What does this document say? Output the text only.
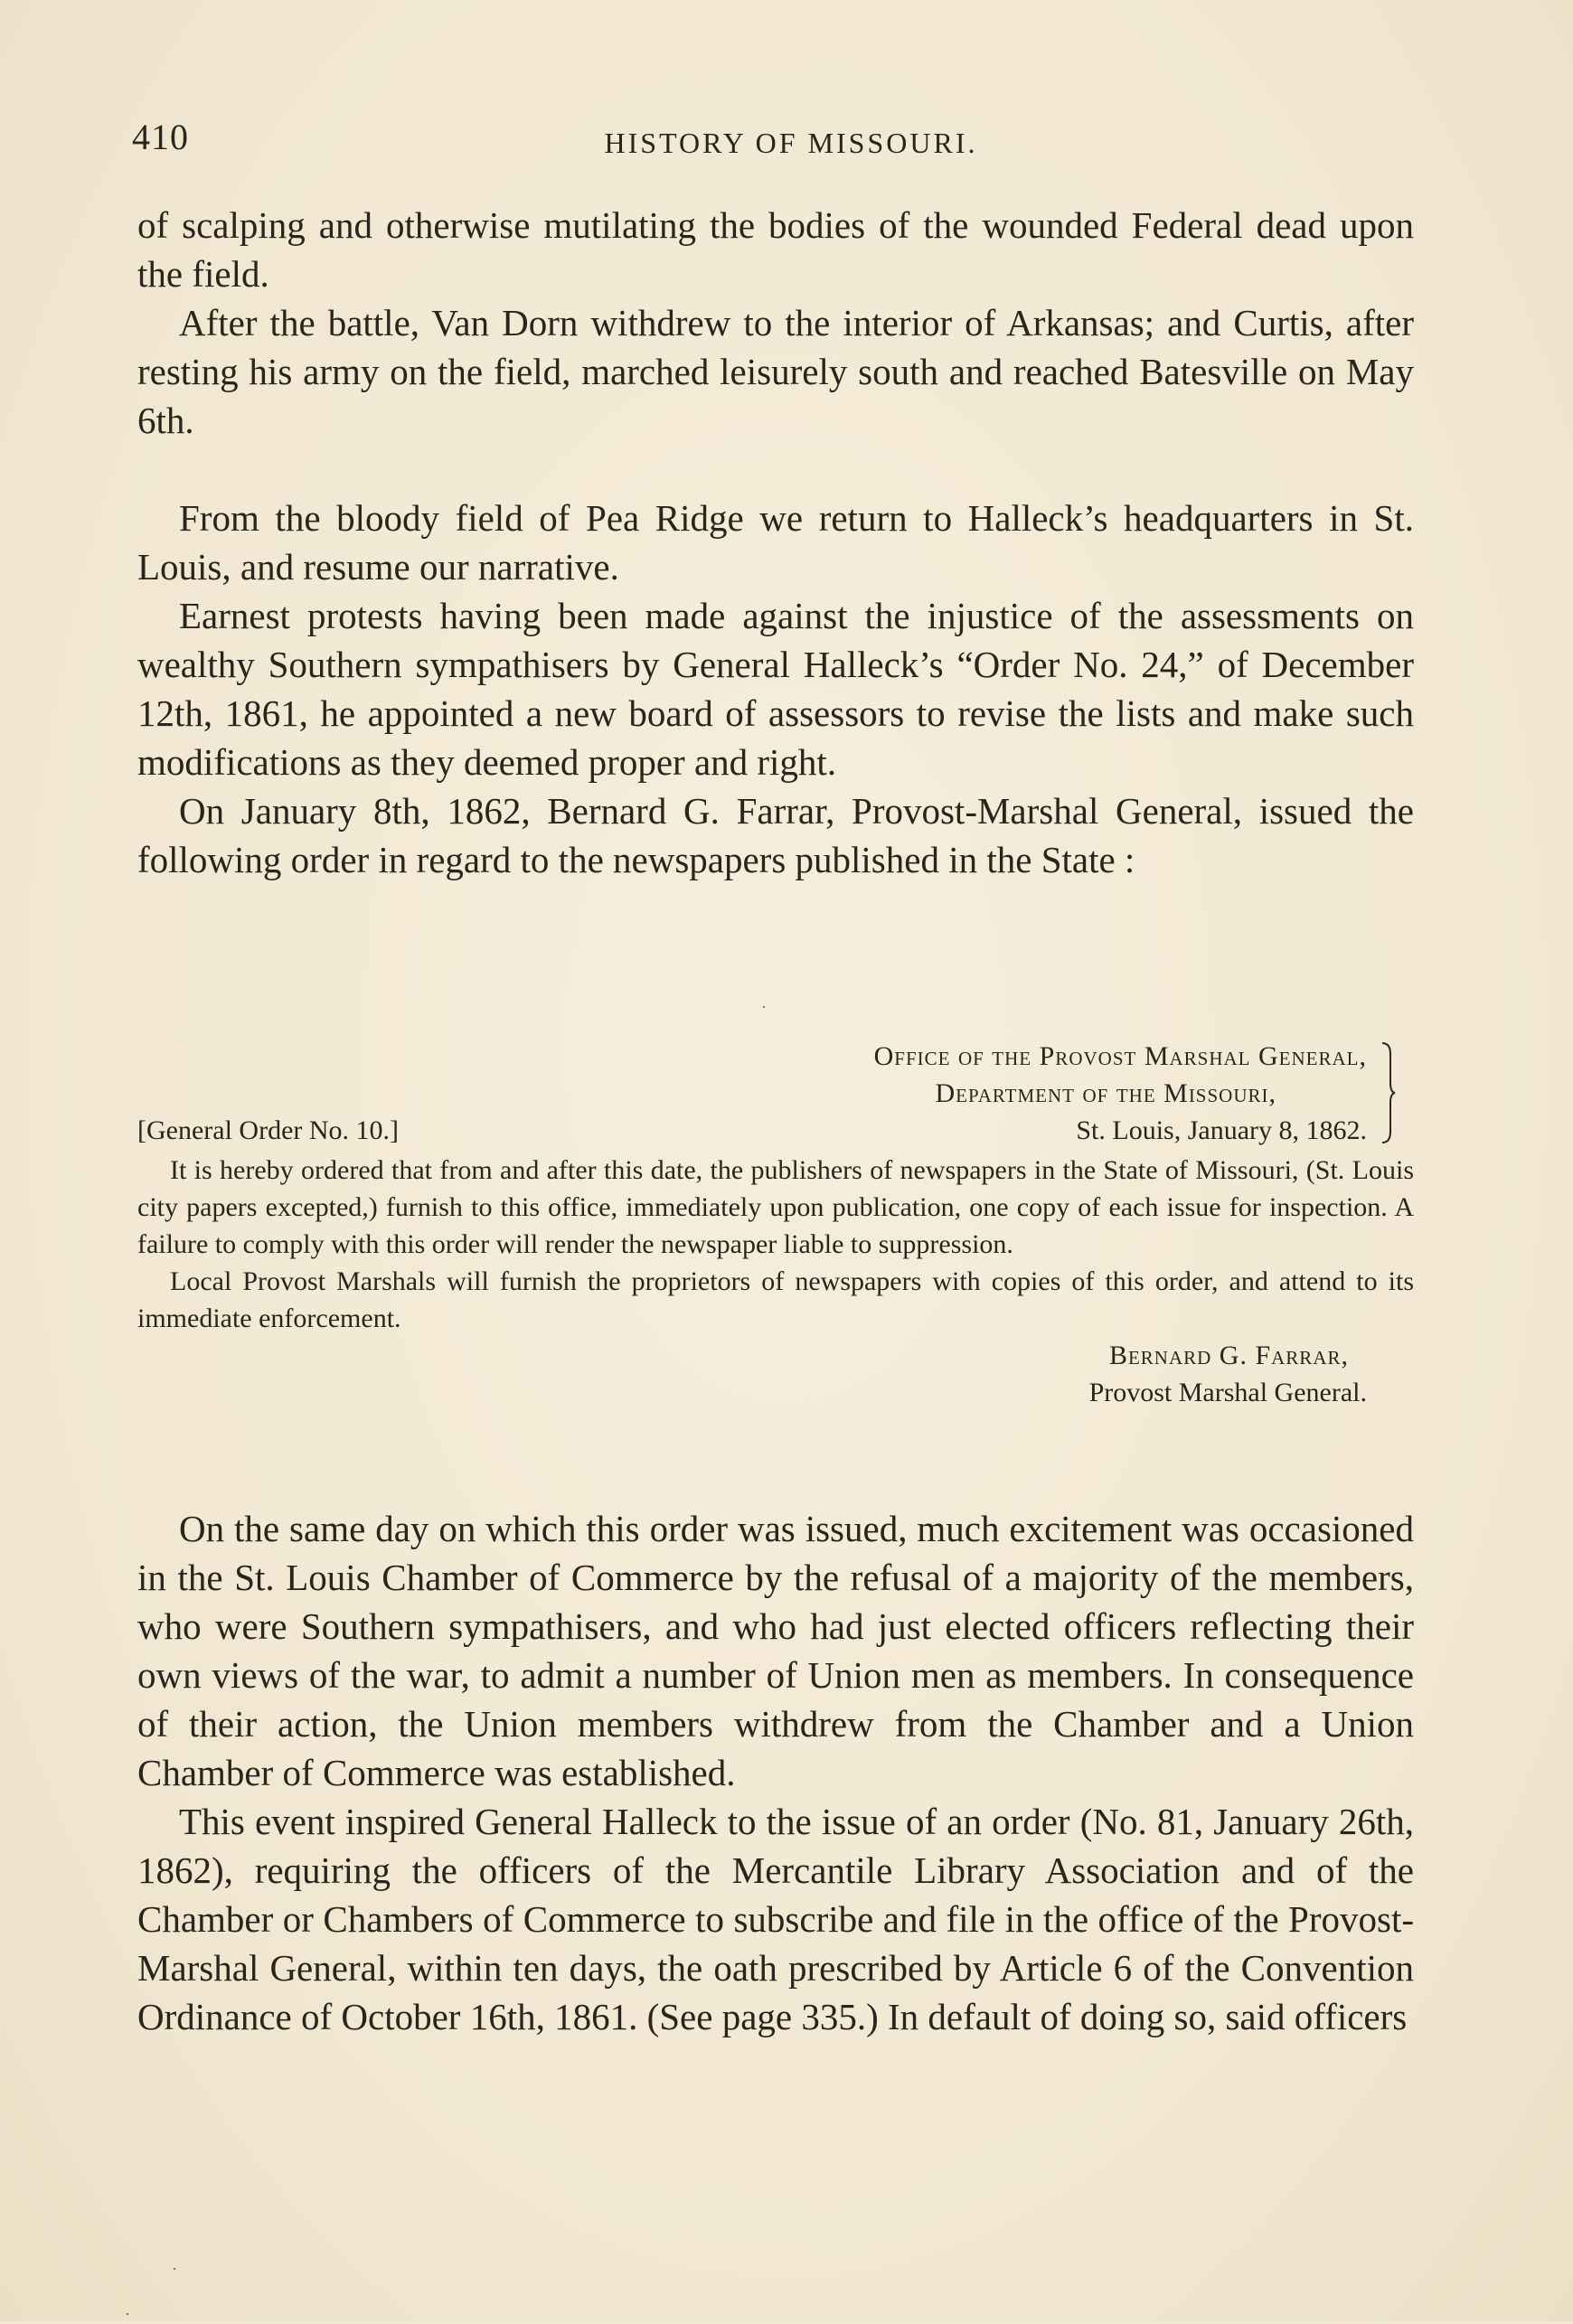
410	HISTORY OF MISSOURI.

of scalping and otherwise mutilating the bodies of the wounded Federal dead upon the field.

After the battle, Van Dorn withdrew to the interior of Arkansas; and Curtis, after resting his army on the field, marched leisurely south and reached Batesville on May 6th.

From the bloody field of Pea Ridge we return to Halleck’s headquarters in St. Louis, and resume our narrative.

Earnest protests having been made against the injustice of the assessments on wealthy Southern sympathisers by General Halleck’s “Order No. 24,” of December 12th, 1861, he appointed a new board of assessors to revise the lists and make such modifications as they deemed proper and right.

On January 8th, 1862, Bernard G. Farrar, Provost-Marshal General, issued the following order in regard to the newspapers published in the State :

Office of the Provost Marshal General,
Department of the Missouri,
St. Louis, January 8, 1862.
[General Order No. 10.]

It is hereby ordered that from and after this date, the publishers of newspapers in the State of Missouri, (St. Louis city papers excepted,) furnish to this office, immediately upon publication, one copy of each issue for inspection. A failure to comply with this order will render the newspaper liable to suppression.

Local Provost Marshals will furnish the proprietors of newspapers with copies of this order, and attend to its immediate enforcement.

Bernard G. Farrar,
Provost Marshal General.

On the same day on which this order was issued, much excitement was occasioned in the St. Louis Chamber of Commerce by the refusal of a majority of the members, who were Southern sympathisers, and who had just elected officers reflecting their own views of the war, to admit a number of Union men as members. In consequence of their action, the Union members withdrew from the Chamber and a Union Chamber of Commerce was established.

This event inspired General Halleck to the issue of an order (No. 81, January 26th, 1862), requiring the officers of the Mercantile Library Association and of the Chamber or Chambers of Commerce to subscribe and file in the office of the Provost-Marshal General, within ten days, the oath prescribed by Article 6 of the Convention Ordinance of October 16th, 1861. (See page 335.) In default of doing so, said officers

·
·
·
